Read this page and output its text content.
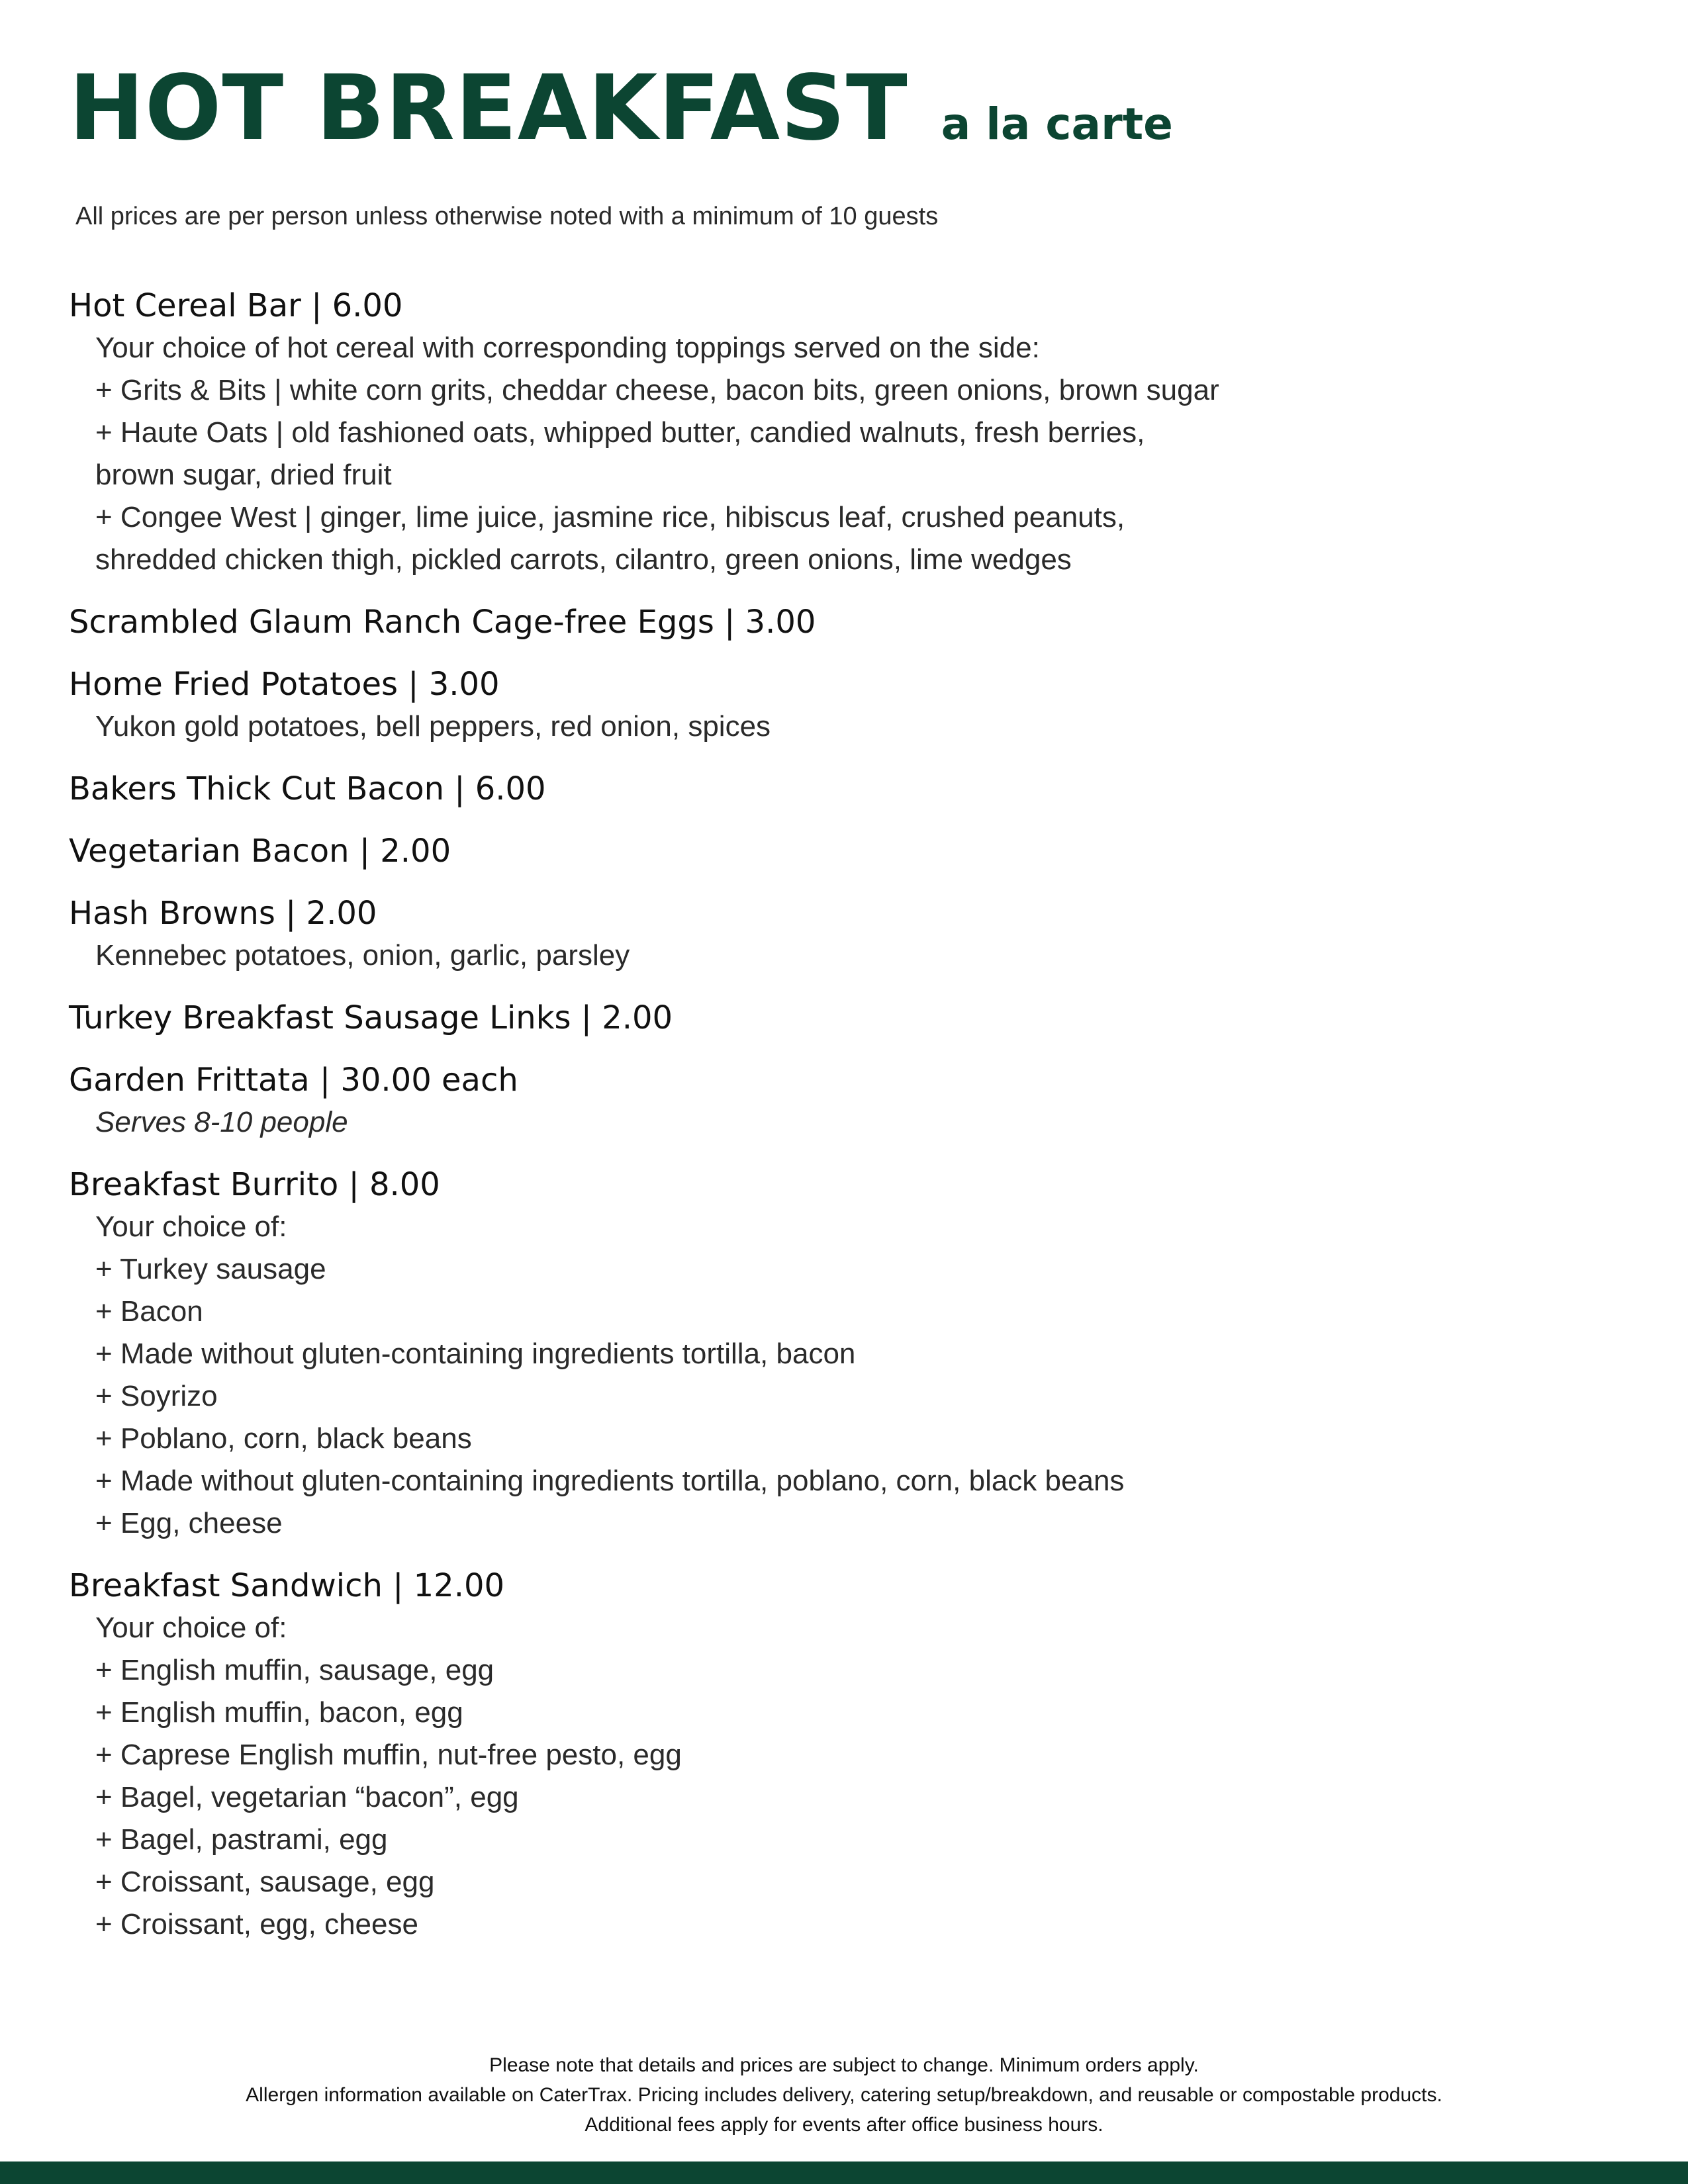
HOT BREAKFAST a la carte
All prices are per person unless otherwise noted with a minimum of 10 guests
Hot Cereal Bar | 6.00
Your choice of hot cereal with corresponding toppings served on the side:
+ Grits & Bits | white corn grits, cheddar cheese, bacon bits, green onions, brown sugar
+ Haute Oats | old fashioned oats, whipped butter, candied walnuts, fresh berries,
brown sugar, dried fruit
+ Congee West | ginger, lime juice, jasmine rice, hibiscus leaf, crushed peanuts,
shredded chicken thigh, pickled carrots, cilantro, green onions, lime wedges
Scrambled Glaum Ranch Cage-free Eggs | 3.00
Home Fried Potatoes | 3.00
Yukon gold potatoes, bell peppers, red onion, spices
Bakers Thick Cut Bacon | 6.00
Vegetarian Bacon | 2.00
Hash Browns | 2.00
Kennebec potatoes, onion, garlic, parsley
Turkey Breakfast Sausage Links | 2.00
Garden Frittata | 30.00 each
Serves 8-10 people
Breakfast Burrito | 8.00
Your choice of:
+ Turkey sausage
+ Bacon
+ Made without gluten-containing ingredients tortilla, bacon
+ Soyrizo
+ Poblano, corn, black beans
+ Made without gluten-containing ingredients tortilla, poblano, corn, black beans
+ Egg, cheese
Breakfast Sandwich | 12.00
Your choice of:
+ English muffin, sausage, egg
+ English muffin, bacon, egg
+ Caprese English muffin, nut-free pesto, egg
+ Bagel, vegetarian “bacon”, egg
+ Bagel, pastrami, egg
+ Croissant, sausage, egg
+ Croissant, egg, cheese
Please note that details and prices are subject to change. Minimum orders apply.
Allergen information available on CaterTrax. Pricing includes delivery, catering setup/breakdown, and reusable or compostable products.
Additional fees apply for events after office business hours.
